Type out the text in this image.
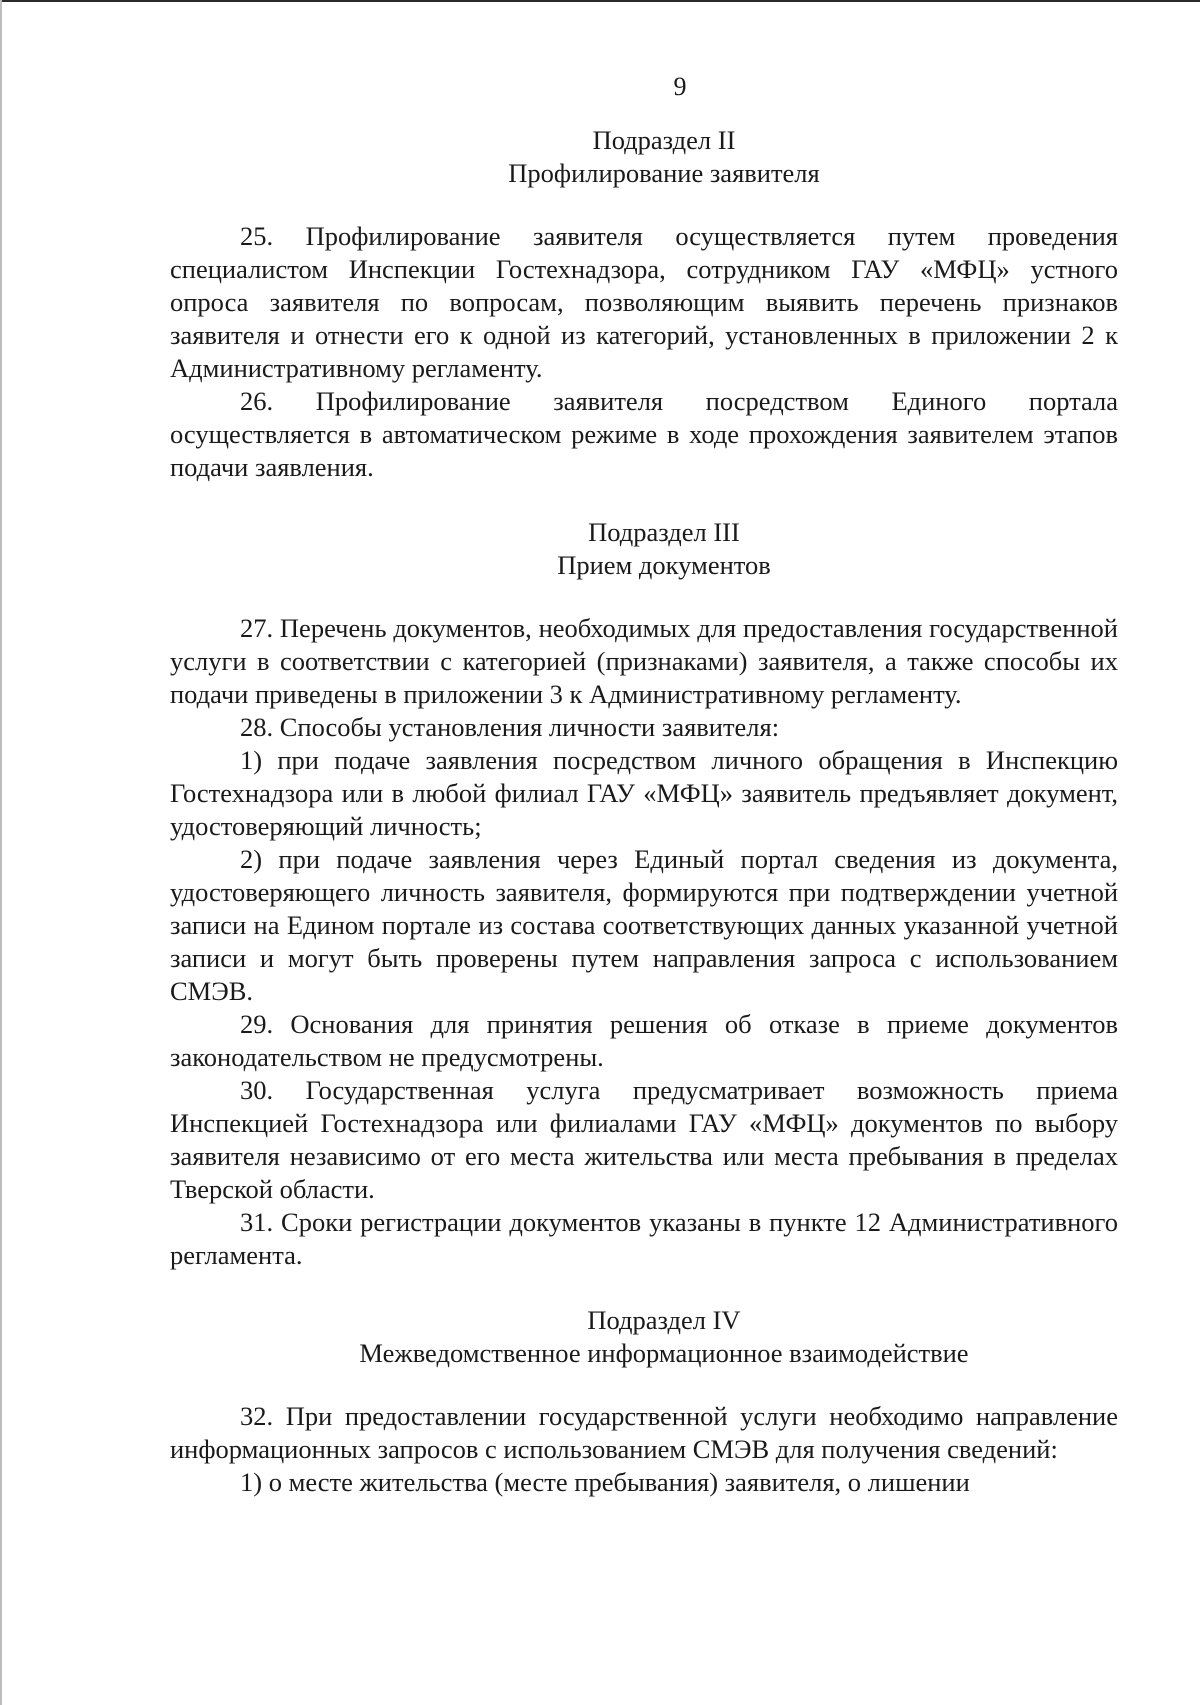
9
Подраздел II
Профилирование заявителя

25. Профилирование заявителя осуществляется путем проведения специалистом Инспекции Гостехнадзора, сотрудником ГАУ «МФЦ» устного опроса заявителя по вопросам, позволяющим выявить перечень признаков заявителя и отнести его к одной из категорий, установленных в приложении 2 к Административному регламенту.

26. Профилирование заявителя посредством Единого портала осуществляется в автоматическом режиме в ходе прохождения заявителем этапов подачи заявления.

Подраздел III
Прием документов

27. Перечень документов, необходимых для предоставления государственной услуги в соответствии с категорией (признаками) заявителя, а также способы их подачи приведены в приложении 3 к Административному регламенту.

28. Способы установления личности заявителя:

1) при подаче заявления посредством личного обращения в Инспекцию Гостехнадзора или в любой филиал ГАУ «МФЦ» заявитель предъявляет документ, удостоверяющий личность;

2) при подаче заявления через Единый портал сведения из документа, удостоверяющего личность заявителя, формируются при подтверждении учетной записи на Едином портале из состава соответствующих данных указанной учетной записи и могут быть проверены путем направления запроса с использованием СМЭВ.

29. Основания для принятия решения об отказе в приеме документов законодательством не предусмотрены.

30. Государственная услуга предусматривает возможность приема Инспекцией Гостехнадзора или филиалами ГАУ «МФЦ» документов по выбору заявителя независимо от его места жительства или места пребывания в пределах Тверской области.

31. Сроки регистрации документов указаны в пункте 12 Административного регламента.

Подраздел IV
Межведомственное информационное взаимодействие

32. При предоставлении государственной услуги необходимо направление информационных запросов с использованием СМЭВ для получения сведений:

1) о месте жительства (месте пребывания) заявителя, о лишении
